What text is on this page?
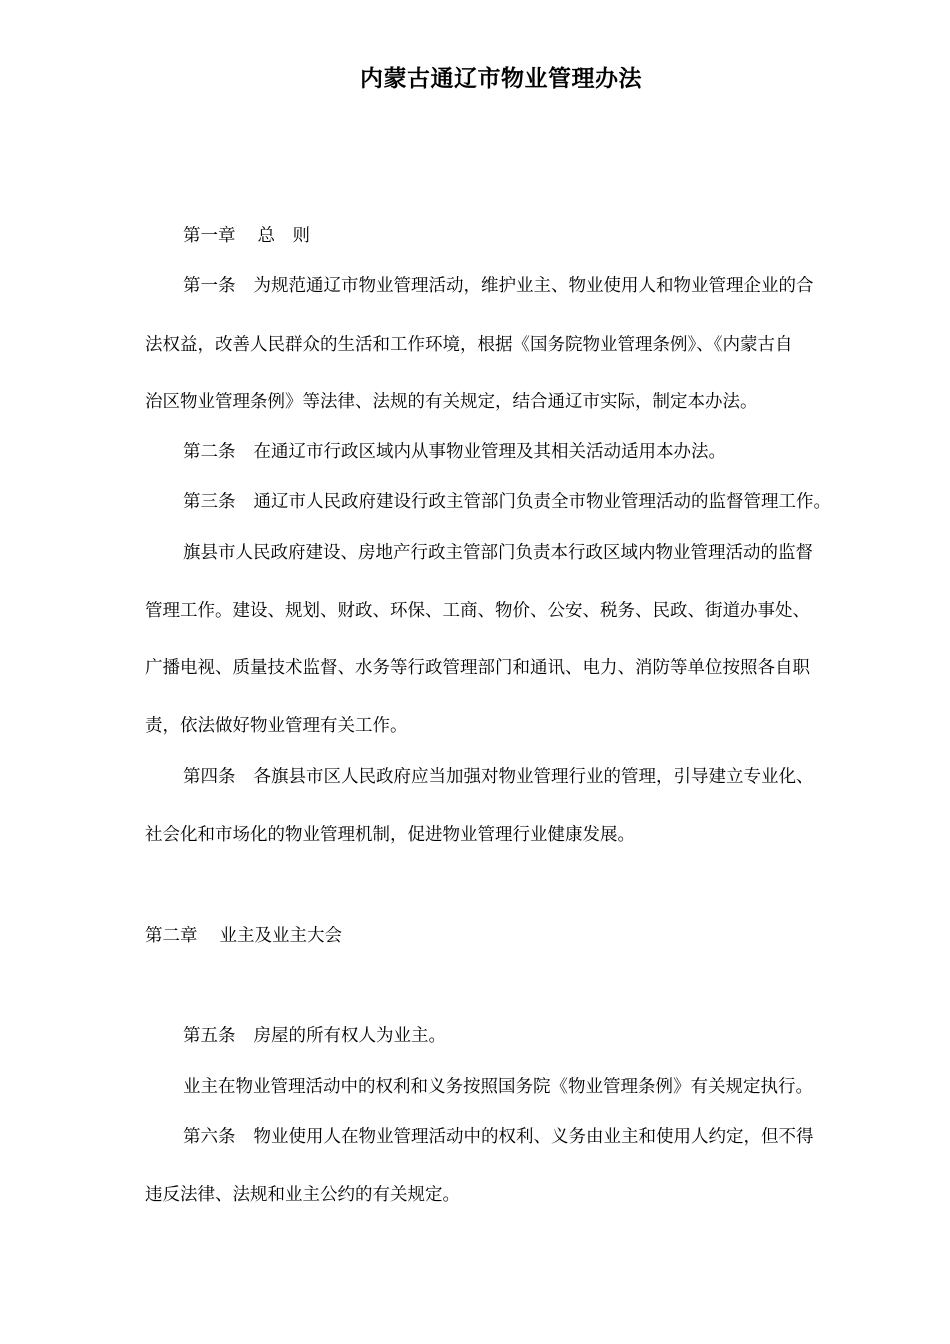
内蒙古通辽市物业管理办法
第一章 总　则
第一条 为规范通辽市物业管理活动，维护业主、物业使用人和物业管理企业的合
法权益，改善人民群众的生活和工作环境，根据《国务院物业管理条例》、《内蒙古自
治区物业管理条例》等法律、法规的有关规定，结合通辽市实际，制定本办法。
第二条 在通辽市行政区域内从事物业管理及其相关活动适用本办法。
第三条 通辽市人民政府建设行政主管部门负责全市物业管理活动的监督管理工作。
旗县市人民政府建设、房地产行政主管部门负责本行政区域内物业管理活动的监督
管理工作。建设、规划、财政、环保、工商、物价、公安、税务、民政、街道办事处、
广播电视、质量技术监督、水务等行政管理部门和通讯、电力、消防等单位按照各自职
责，依法做好物业管理有关工作。
第四条 各旗县市区人民政府应当加强对物业管理行业的管理，引导建立专业化、
社会化和市场化的物业管理机制，促进物业管理行业健康发展。
第二章 业主及业主大会
第五条 房屋的所有权人为业主。
业主在物业管理活动中的权利和义务按照国务院《物业管理条例》有关规定执行。
第六条 物业使用人在物业管理活动中的权利、义务由业主和使用人约定，但不得
违反法律、法规和业主公约的有关规定。
